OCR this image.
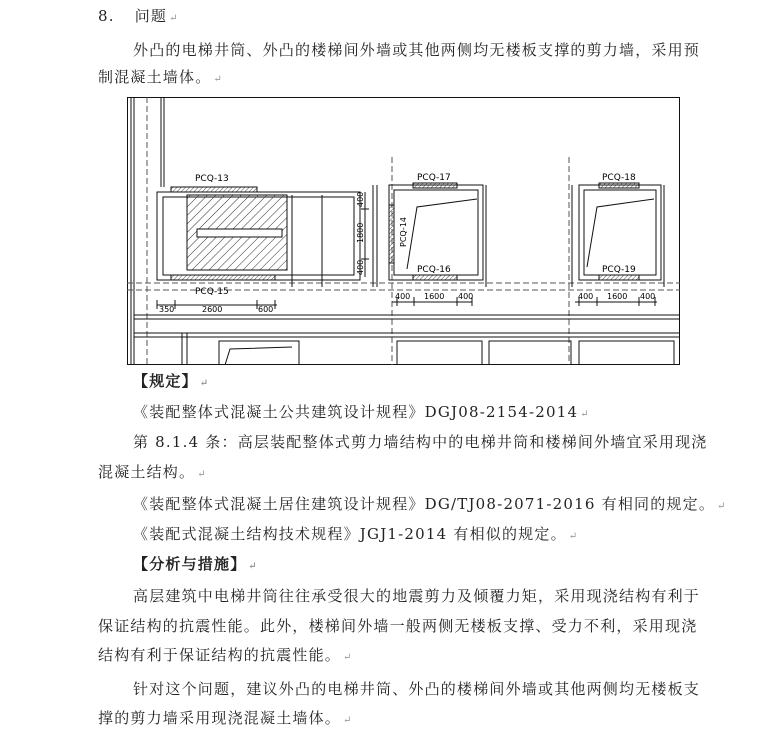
8. 问题 ↵
外凸的电梯井筒、外凸的楼梯间外墙或其他两侧均无楼板支撑的剪力墙，采用预
制混凝土墙体。 ↵
PCQ-13
PCQ-15
PCQ-17
PCQ-14
PCQ-16
PCQ-18
PCQ-19
350	2600	600
400
1800
400
400 1600 400	400 1600 400
【规定】 ↵
《装配整体式混凝土公共建筑设计规程》DGJ08-2154-2014 ↵
第 8.1.4 条：高层装配整体式剪力墙结构中的电梯井筒和楼梯间外墙宜采用现浇
混凝土结构。 ↵
《装配整体式混凝土居住建筑设计规程》DG/TJ08-2071-2016 有相同的规定。 ↵
《装配式混凝土结构技术规程》JGJ1-2014 有相似的规定。 ↵
【分析与措施】 ↵
高层建筑中电梯井筒往往承受很大的地震剪力及倾覆力矩，采用现浇结构有利于
保证结构的抗震性能。此外，楼梯间外墙一般两侧无楼板支撑、受力不利，采用现浇
结构有利于保证结构的抗震性能。 ↵
针对这个问题，建议外凸的电梯井筒、外凸的楼梯间外墙或其他两侧均无楼板支
撑的剪力墙采用现浇混凝土墙体。 ↵
